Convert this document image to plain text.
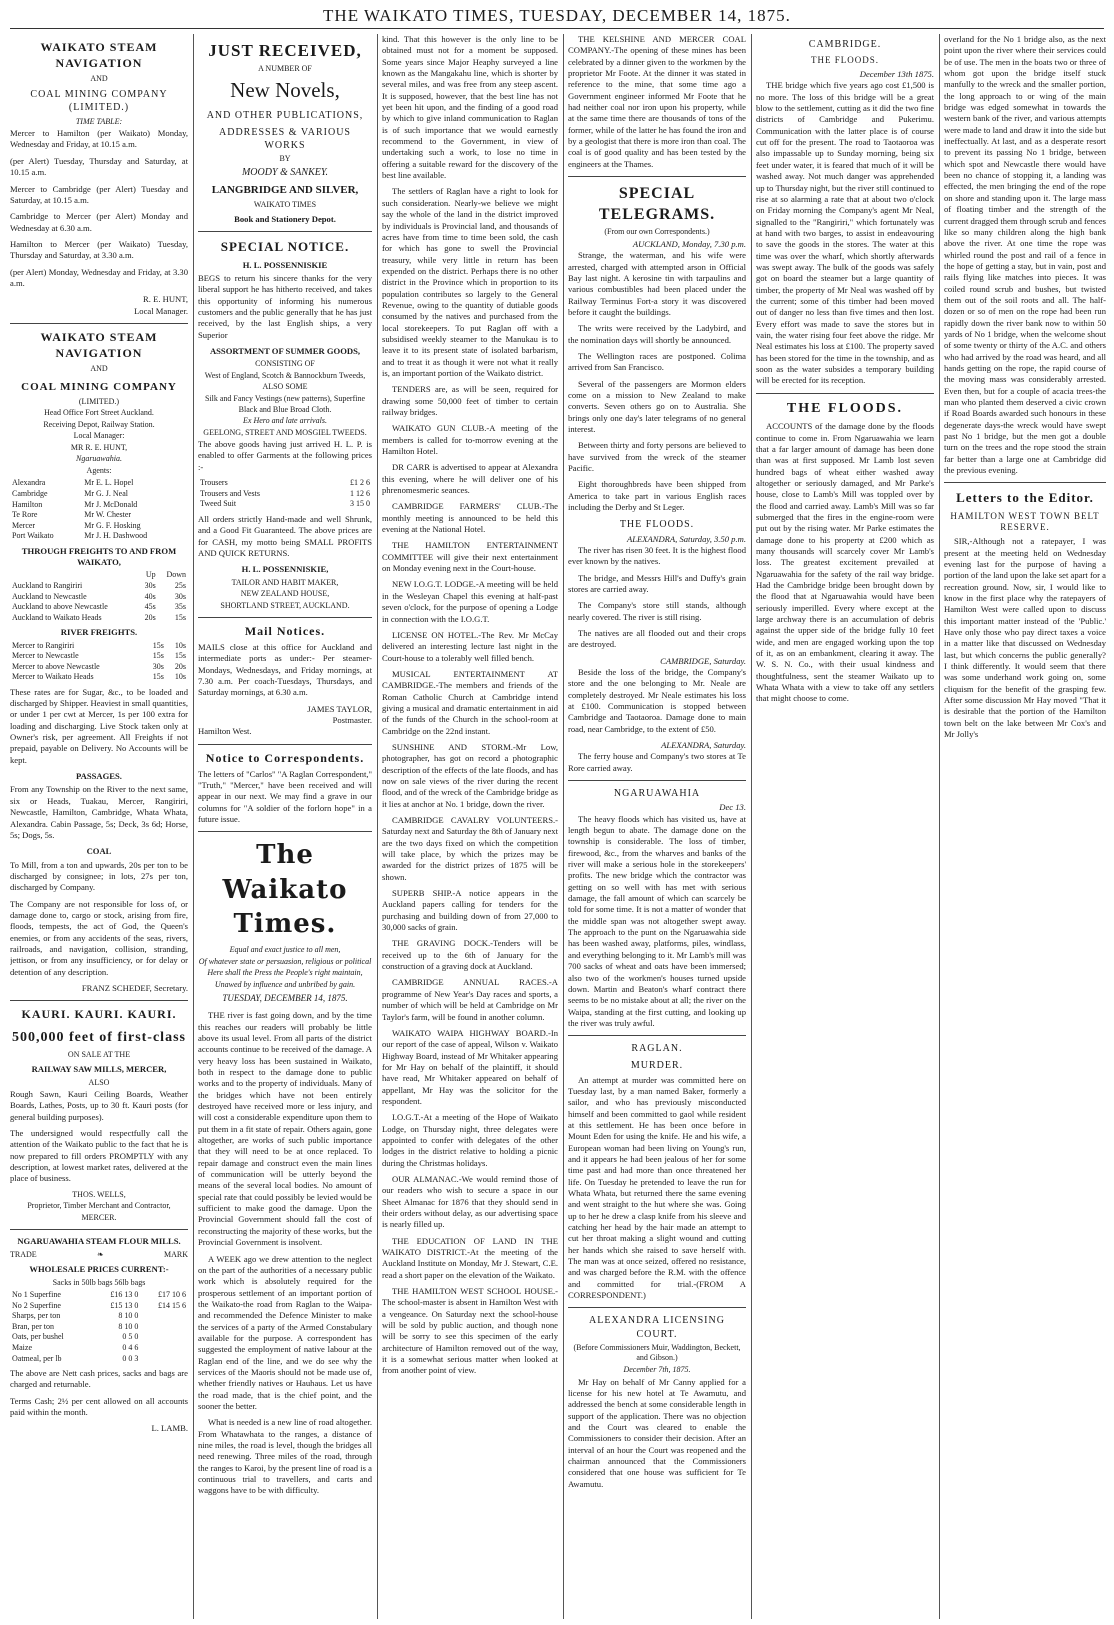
THE WAIKATO TIMES, TUESDAY, DECEMBER 14, 1875.
WAIKATO STEAM NAVIGATION
AND
COAL MINING COMPANY (LIMITED.)
TIME TABLE:

Mercer to Hamilton (per Waikato) Monday, Wednesday and Friday, at 10.15 a.m.

(per Alert) Tuesday, Thursday and Saturday, at 10.15 a.m.

Mercer to Cambridge (per Alert) Tuesday and Saturday, at 10.15 a.m.

Cambridge to Mercer (per Alert) Monday and Wednesday at 6.30 a.m.

Hamilton to Mercer (per Waikato) Tuesday, Thursday and Saturday, at 3.30 a.m.

(per Alert) Monday, Wednesday and Friday, at 3.30 a.m.

R. E. HUNT,
Local Manager.
WAIKATO STEAM NAVIGATION
AND
COAL MINING COMPANY
(LIMITED.)
Head Office Fort Street Auckland.
Receiving Depot, Railway Station.
Local Manager:
MR R. E. HUNT,
Ngaruawahia.
Agents:
Alexandra	Mr E. L. Hopel
Cambridge	Mr G. J. Neal
Hamilton	Mr J. McDonald
Te Rore	Mr W. Chester
Mercer	Mr G. F. Hosking
Port Waikato	Mr J. H. Dashwood
THROUGH FREIGHTS TO AND FROM WAIKATO,
	Up	Down
Auckland to Rangiriri	30s	25s
Auckland to Newcastle	40s	30s
Auckland to above Newcastle	45s	35s
Auckland to Waikato Heads	20s	15s
RIVER FREIGHTS.
Mercer to Rangiriri	15s	10s
Mercer to Newcastle	15s	15s
Mercer to above Newcastle	30s	20s
Mercer to Waikato Heads	15s	10s

These rates are for Sugar, &c., to be loaded and discharged by Shipper. Heaviest in small quantities, or under 1 per cwt at Mercer, 1s per 100 extra for loading and discharging. Live Stock taken only at Owner's risk, per agreement. All Freights if not prepaid, payable on Delivery. No Accounts will be kept.

PASSAGES.

From any Township on the River to the next same, six or Heads, Tuakau, Mercer, Rangiriri, Newcastle, Hamilton, Cambridge, Whata Whata, Alexandra. Cabin Passage, 5s; Deck, 3s 6d; Horse, 5s; Dogs, 5s.

COAL

To Mill, from a ton and upwards, 20s per ton to be discharged by consignee; in lots, 27s per ton, discharged by Company.

The Company are not responsible for loss of, or damage done to, cargo or stock, arising from fire, floods, tempests, the act of God, the Queen's enemies, or from any accidents of the seas, rivers, railroads, and navigation, collision, stranding, jettison, or from any insufficiency, or for delay or detention of any description.

FRANZ SCHEDEF, Secretary.
KAURI. KAURI. KAURI.
500,000 feet of first-class
ON SALE AT THE
RAILWAY SAW MILLS, MERCER,
ALSO

Rough Sawn, Kauri Ceiling Boards, Weather Boards, Lathes, Posts, up to 30 ft. Kauri posts (for general building purposes).

The undersigned would respectfully call the attention of the Waikato public to the fact that he is now prepared to fill orders PROMPTLY with any description, at lowest market rates, delivered at the place of business.

THOS. WELLS,
Proprietor, Timber Merchant and Contractor,
MERCER.
NGARUAWAHIA STEAM FLOUR MILLS.
TRADE	❧	MARK
WHOLESALE PRICES CURRENT:-
Sacks in 50lb bags 56lb bags
No 1 Superfine	£16 13 0	£17 10 6
No 2 Superfine	£15 13 0	£14 15 6
Sharps, per ton	8 10 0	
Bran, per ton	8 10 0	
Oats, per bushel	0 5 0	
Maize	0 4 6	
Oatmeal, per lb	0 0 3	

The above are Nett cash prices, sacks and bags are charged and returnable.

Terms Cash; 2½ per cent allowed on all accounts paid within the month.

L. LAMB.
JUST RECEIVED,
A NUMBER OF
New Novels,
AND OTHER PUBLICATIONS,
ADDRESSES & VARIOUS WORKS
BY
MOODY & SANKEY.
LANGBRIDGE AND SILVER,
WAIKATO TIMES
Book and Stationery Depot.
SPECIAL NOTICE.
H. L. POSSENNISKIE

BEGS to return his sincere thanks for the very liberal support he has hitherto received, and takes this opportunity of informing his numerous customers and the public generally that he has just received, by the last English ships, a very Superior

ASSORTMENT OF SUMMER GOODS,
CONSISTING OF
West of England, Scotch & Bannockburn Tweeds,
ALSO SOME
Silk and Fancy Vestings (new patterns), Superfine Black and Blue Broad Cloth.
Ex Hero and late arrivals.
GEELONG, STREET AND MOSGIEL TWEEDS.

The above goods having just arrived H. L. P. is enabled to offer Garments at the following prices :-

Trousers	£1 2 6
Trousers and Vests	1 12 6
Tweed Suit	3 15 0

All orders strictly Hand-made and well Shrunk, and a Good Fit Guaranteed. The above prices are for CASH, my motto being SMALL PROFITS AND QUICK RETURNS.

H. L. POSSENNISKIE,
TAILOR AND HABIT MAKER,
NEW ZEALAND HOUSE,
SHORTLAND STREET, AUCKLAND.
Mail Notices.

MAILS close at this office for Auckland and intermediate ports as under:- Per steamer-Mondays, Wednesdays, and Friday mornings, at 7.30 a.m. Per coach-Tuesdays, Thursdays, and Saturday mornings, at 6.30 a.m.

JAMES TAYLOR,
Postmaster.
Hamilton West.
Notice to Correspondents.

The letters of "Carlos" "A Raglan Correspondent," "Truth," "Mercer," have been received and will appear in our next. We may find a grave in our columns for "A soldier of the forlorn hope" in a future issue.

The Waikato Times.
Equal and exact justice to all men,
Of whatever state or persuasion, religious or political
Here shall the Press the People's right maintain,
Unawed by influence and unbribed by gain.
TUESDAY, DECEMBER 14, 1875.

THE river is fast going down, and by the time this reaches our readers will probably be little above its usual level. From all parts of the district accounts continue to be received of the damage. A very heavy loss has been sustained in Waikato, both in respect to the damage done to public works and to the property of individuals. Many of the bridges which have not been entirely destroyed have received more or less injury, and will cost a considerable expenditure upon them to put them in a fit state of repair. Others again, gone altogether, are works of such public importance that they will need to be at once replaced. To repair damage and construct even the main lines of communication will be utterly beyond the means of the several local bodies. No amount of special rate that could possibly be levied would be sufficient to make good the damage. Upon the Provincial Government should fall the cost of reconstructing the majority of these works, but the Provincial Government is insolvent.

A WEEK ago we drew attention to the neglect on the part of the authorities of a necessary public work which is absolutely required for the prosperous settlement of an important portion of the Waikato-the road from Raglan to the Waipa-and recommended the Defence Minister to make the services of a party of the Armed Constabulary available for the purpose. A correspondent has suggested the employment of native labour at the Raglan end of the line, and we do see why the services of the Maoris should not be made use of, whether friendly natives or Hauhaus. Let us have the road made, that is the chief point, and the sooner the better.

What is needed is a new line of road altogether. From Whatawhata to the ranges, a distance of nine miles, the road is level, though the bridges all need renewing. Three miles of the road, through the ranges to Karoi, by the present line of road is a continuous trial to travellers, and carts and waggons have to be with difficulty.

kind. That this however is the only line to be obtained must not for a moment be supposed. Some years since Major Heaphy surveyed a line known as the Mangakahu line, which is shorter by several miles, and was free from any steep ascent. It is supposed, however, that the best line has not yet been hit upon, and the finding of a good road by which to give inland communication to Raglan is of such importance that we would earnestly recommend to the Government, in view of undertaking such a work, to lose no time in offering a suitable reward for the discovery of the best line available.

The settlers of Raglan have a right to look for such consideration. Nearly-we believe we might say the whole of the land in the district improved by individuals is Provincial land, and thousands of acres have from time to time been sold, the cash for which has gone to swell the Provincial treasury, while very little in return has been expended on the district. Perhaps there is no other district in the Province which in proportion to its population contributes so largely to the General Revenue, owing to the quantity of dutiable goods consumed by the natives and purchased from the local storekeepers. To put Raglan off with a subsidised weekly steamer to the Manukau is to leave it to its present state of isolated barbarism, and to treat it as though it were not what it really is, an important portion of the Waikato district.

TENDERS are, as will be seen, required for drawing some 50,000 feet of timber to certain railway bridges.

WAIKATO GUN CLUB.-A meeting of the members is called for to-morrow evening at the Hamilton Hotel.

DR CARR is advertised to appear at Alexandra this evening, where he will deliver one of his phrenomesmeric seances.

CAMBRIDGE FARMERS' CLUB.-The monthly meeting is announced to be held this evening at the National Hotel.

THE HAMILTON ENTERTAINMENT COMMITTEE will give their next entertainment on Monday evening next in the Court-house.

NEW I.O.G.T. LODGE.-A meeting will be held in the Wesleyan Chapel this evening at half-past seven o'clock, for the purpose of opening a Lodge in connection with the I.O.G.T.

LICENSE ON HOTEL.-The Rev. Mr McCay delivered an interesting lecture last night in the Court-house to a tolerably well filled bench.

MUSICAL ENTERTAINMENT AT CAMBRIDGE.-The members and friends of the Roman Catholic Church at Cambridge intend giving a musical and dramatic entertainment in aid of the funds of the Church in the school-room at Cambridge on the 22nd instant.

SUNSHINE AND STORM.-Mr Low, photographer, has got on record a photographic description of the effects of the late floods, and has now on sale views of the river during the recent flood, and of the wreck of the Cambridge bridge as it lies at anchor at No. 1 bridge, down the river.

CAMBRIDGE CAVALRY VOLUNTEERS.-Saturday next and Saturday the 8th of January next are the two days fixed on which the competition will take place, by which the prizes may be awarded for the district prizes of 1875 will be shown.

SUPERB SHIP.-A notice appears in the Auckland papers calling for tenders for the purchasing and building down of from 27,000 to 30,000 sacks of grain.

THE GRAVING DOCK.-Tenders will be received up to the 6th of January for the construction of a graving dock at Auckland.

CAMBRIDGE ANNUAL RACES.-A programme of New Year's Day races and sports, a number of which will be held at Cambridge on Mr Taylor's farm, will be found in another column.

WAIKATO WAIPA HIGHWAY BOARD.-In our report of the case of appeal, Wilson v. Waikato Highway Board, instead of Mr Whitaker appearing for Mr Hay on behalf of the plaintiff, it should have read, Mr Whitaker appeared on behalf of appellant, Mr Hay was the solicitor for the respondent.

I.O.G.T.-At a meeting of the Hope of Waikato Lodge, on Thursday night, three delegates were appointed to confer with delegates of the other lodges in the district relative to holding a picnic during the Christmas holidays.

OUR ALMANAC.-We would remind those of our readers who wish to secure a space in our Sheet Almanac for 1876 that they should send in their orders without delay, as our advertising space is nearly filled up.

THE EDUCATION OF LAND IN THE WAIKATO DISTRICT.-At the meeting of the Auckland Institute on Monday, Mr J. Stewart, C.E. read a short paper on the elevation of the Waikato.

THE HAMILTON WEST SCHOOL HOUSE.-The school-master is absent in Hamilton West with a vengeance. On Saturday next the school-house will be sold by public auction, and though none will be sorry to see this specimen of the early architecture of Hamilton removed out of the way, it is a somewhat serious matter when looked at from another point of view.

THE KELSHINE AND MERCER COAL COMPANY.-The opening of these mines has been celebrated by a dinner given to the workmen by the proprietor Mr Foote. At the dinner it was stated in reference to the mine, that some time ago a Government engineer informed Mr Foote that he had neither coal nor iron upon his property, while at the same time there are thousands of tons of the former, while of the latter he has found the iron and by a geologist that there is more iron than coal. The coal is of good quality and has been tested by the engineers at the Thames.

SPECIAL TELEGRAMS.
(From our own Correspondents.)
AUCKLAND, Monday, 7.30 p.m.

Strange, the waterman, and his wife were arrested, charged with attempted arson in Official Bay last night. A kerosine tin with tarpaulins and various combustibles had been placed under the Railway Terminus Fort-a story it was discovered before it caught the buildings.

The writs were received by the Ladybird, and the nomination days will shortly be announced.

The Wellington races are postponed. Colima arrived from San Francisco.

Several of the passengers are Mormon elders come on a mission to New Zealand to make converts. Seven others go on to Australia. She brings only one day's later telegrams of no general interest.

Between thirty and forty persons are believed to have survived from the wreck of the steamer Pacific.

Eight thoroughbreds have been shipped from America to take part in various English races including the Derby and St Leger.

THE FLOODS.
ALEXANDRA, Saturday, 3.50 p.m.

The river has risen 30 feet. It is the highest flood ever known by the natives.

The bridge, and Messrs Hill's and Duffy's grain stores are carried away.

The Company's store still stands, although nearly covered. The river is still rising.

The natives are all flooded out and their crops are destroyed.

CAMBRIDGE, Saturday.

Beside the loss of the bridge, the Company's store and the one belonging to Mr. Neale are completely destroyed. Mr Neale estimates his loss at £100. Communication is stopped between Cambridge and Taotaoroa. Damage done to main road, near Cambridge, to the extent of £50.

ALEXANDRA, Saturday.

The ferry house and Company's two stores at Te Rore carried away.

NGARUAWAHIA
Dec 13.

The heavy floods which has visited us, have at length begun to abate. The damage done on the township is considerable. The loss of timber, firewood, &c., from the wharves and banks of the river will make a serious hole in the storekeepers' profits. The new bridge which the contractor was getting on so well with has met with serious damage, the fall amount of which can scarcely be told for some time. It is not a matter of wonder that the middle span was not altogether swept away. The approach to the punt on the Ngaruawahia side has been washed away, platforms, piles, windlass, and everything belonging to it. Mr Lamb's mill was 700 sacks of wheat and oats have been immersed; also two of the workmen's houses turned upside down. Martin and Beaton's wharf contract there seems to be no mistake about at all; the river on the Waipa, standing at the first cutting, and looking up the river was truly awful.

RAGLAN.
MURDER.

An attempt at murder was committed here on Tuesday last, by a man named Baker, formerly a sailor, and who has previously misconducted himself and been committed to gaol while resident at this settlement. He has been once before in Mount Eden for using the knife. He and his wife, a European woman had been living on Young's run, and it appears he had been jealous of her for some time past and had more than once threatened her life. On Tuesday he pretended to leave the run for Whata Whata, but returned there the same evening and went straight to the hut where she was. Going up to her he drew a clasp knife from his sleeve and catching her head by the hair made an attempt to cut her throat making a slight wound and cutting her hands which she raised to save herself with. The man was at once seized, offered no resistance, and was charged before the R.M. with the offence and committed for trial.-(FROM A CORRESPONDENT.)

ALEXANDRA LICENSING COURT.
(Before Commissioners Muir, Waddington, Beckett, and Gibson.)
December 7th, 1875.

Mr Hay on behalf of Mr Canny applied for a license for his new hotel at Te Awamutu, and addressed the bench at some considerable length in support of the application. There was no objection and the Court was cleared to enable the Commissioners to consider their decision. After an interval of an hour the Court was reopened and the chairman announced that the Commissioners considered that one house was sufficient for Te Awamutu.

CAMBRIDGE.
THE FLOODS.
December 13th 1875.

THE bridge which five years ago cost £1,500 is no more. The loss of this bridge will be a great blow to the settlement, cutting as it did the two fine districts of Cambridge and Pukerimu. Communication with the latter place is of course cut off for the present. The road to Taotaoroa was also impassable up to Sunday morning, being six feet under water, it is feared that much of it will be washed away. Not much danger was apprehended up to Thursday night, but the river still continued to rise at so alarming a rate that at about two o'clock on Friday morning the Company's agent Mr Neal, signalled to the "Rangiriri," which fortunately was at hand with two barges, to assist in endeavouring to save the goods in the stores. The water at this time was over the wharf, which shortly afterwards was swept away. The bulk of the goods was safely got on board the steamer but a large quantity of timber, the property of Mr Neal was washed off by the current; some of this timber had been moved out of danger no less than five times and then lost. Every effort was made to save the stores but in vain, the water rising four feet above the ridge. Mr Neal estimates his loss at £100. The property saved has been stored for the time in the township, and as soon as the water subsides a temporary building will be erected for its reception.

THE FLOODS.

ACCOUNTS of the damage done by the floods continue to come in. From Ngaruawahia we learn that a far larger amount of damage has been done than was at first supposed. Mr Lamb lost seven hundred bags of wheat either washed away altogether or seriously damaged, and Mr Parke's house, close to Lamb's Mill was toppled over by the flood and carried away. Lamb's Mill was so far submerged that the fires in the engine-room were put out by the rising water. Mr Parke estimates the damage done to his property at £200 which as many thousands will scarcely cover Mr Lamb's loss. The greatest excitement prevailed at Ngaruawahia for the safety of the rail way bridge. Had the Cambridge bridge been brought down by the flood that at Ngaruawahia would have been seriously imperilled. Every where except at the large archway there is an accumulation of debris against the upper side of the bridge fully 10 feet wide, and men are engaged working upon the top of it, as on an embankment, clearing it away. The W. S. N. Co., with their usual kindness and thoughtfulness, sent the steamer Waikato up to Whata Whata with a view to take off any settlers that might choose to come.

overland for the No 1 bridge also, as the next point upon the river where their services could be of use. The men in the boats two or three of whom got upon the bridge itself stuck manfully to the wreck and the smaller portion, the long approach to or wing of the main bridge was edged somewhat in towards the western bank of the river, and various attempts were made to land and draw it into the side but ineffectually. At last, and as a desperate resort to prevent its passing No 1 bridge, between which spot and Newcastle there would have been no chance of stopping it, a landing was effected, the men bringing the end of the rope on shore and standing upon it. The large mass of floating timber and the strength of the current dragged them through scrub and fences like so many children along the high bank above the river. At one time the rope was whirled round the post and rail of a fence in the hope of getting a stay, but in vain, post and rails flying like matches into pieces. It was coiled round scrub and bushes, but twisted them out of the soil roots and all. The half-dozen or so of men on the rope had been run rapidly down the river bank now to within 50 yards of No 1 bridge, when the welcome shout of some twenty or thirty of the A.C. and others who had arrived by the road was heard, and all hands getting on the rope, the rapid course of the moving mass was considerably arrested. Even then, but for a couple of acacia trees-the man who planted them deserved a civic crown if Road Boards awarded such honours in these degenerate days-the wreck would have swept past No 1 bridge, but the men got a double turn on the trees and the rope stood the strain far better than a large one at Cambridge did the previous evening.

Letters to the Editor.
HAMILTON WEST TOWN BELT RESERVE.

SIR,-Although not a ratepayer, I was present at the meeting held on Wednesday evening last for the purpose of having a portion of the land upon the lake set apart for a recreation ground. Now, sir, I would like to know in the first place why the ratepayers of Hamilton West were called upon to discuss this important matter instead of the 'Public.' Have only those who pay direct taxes a voice in a matter like that discussed on Wednesday last, but which concerns the public generally? I think differently. It would seem that there was some underhand work going on, some cliquism for the benefit of the grasping few. After some discussion Mr Hay moved "That it is desirable that the portion of the Hamilton town belt on the lake between Mr Cox's and Mr Jolly's
